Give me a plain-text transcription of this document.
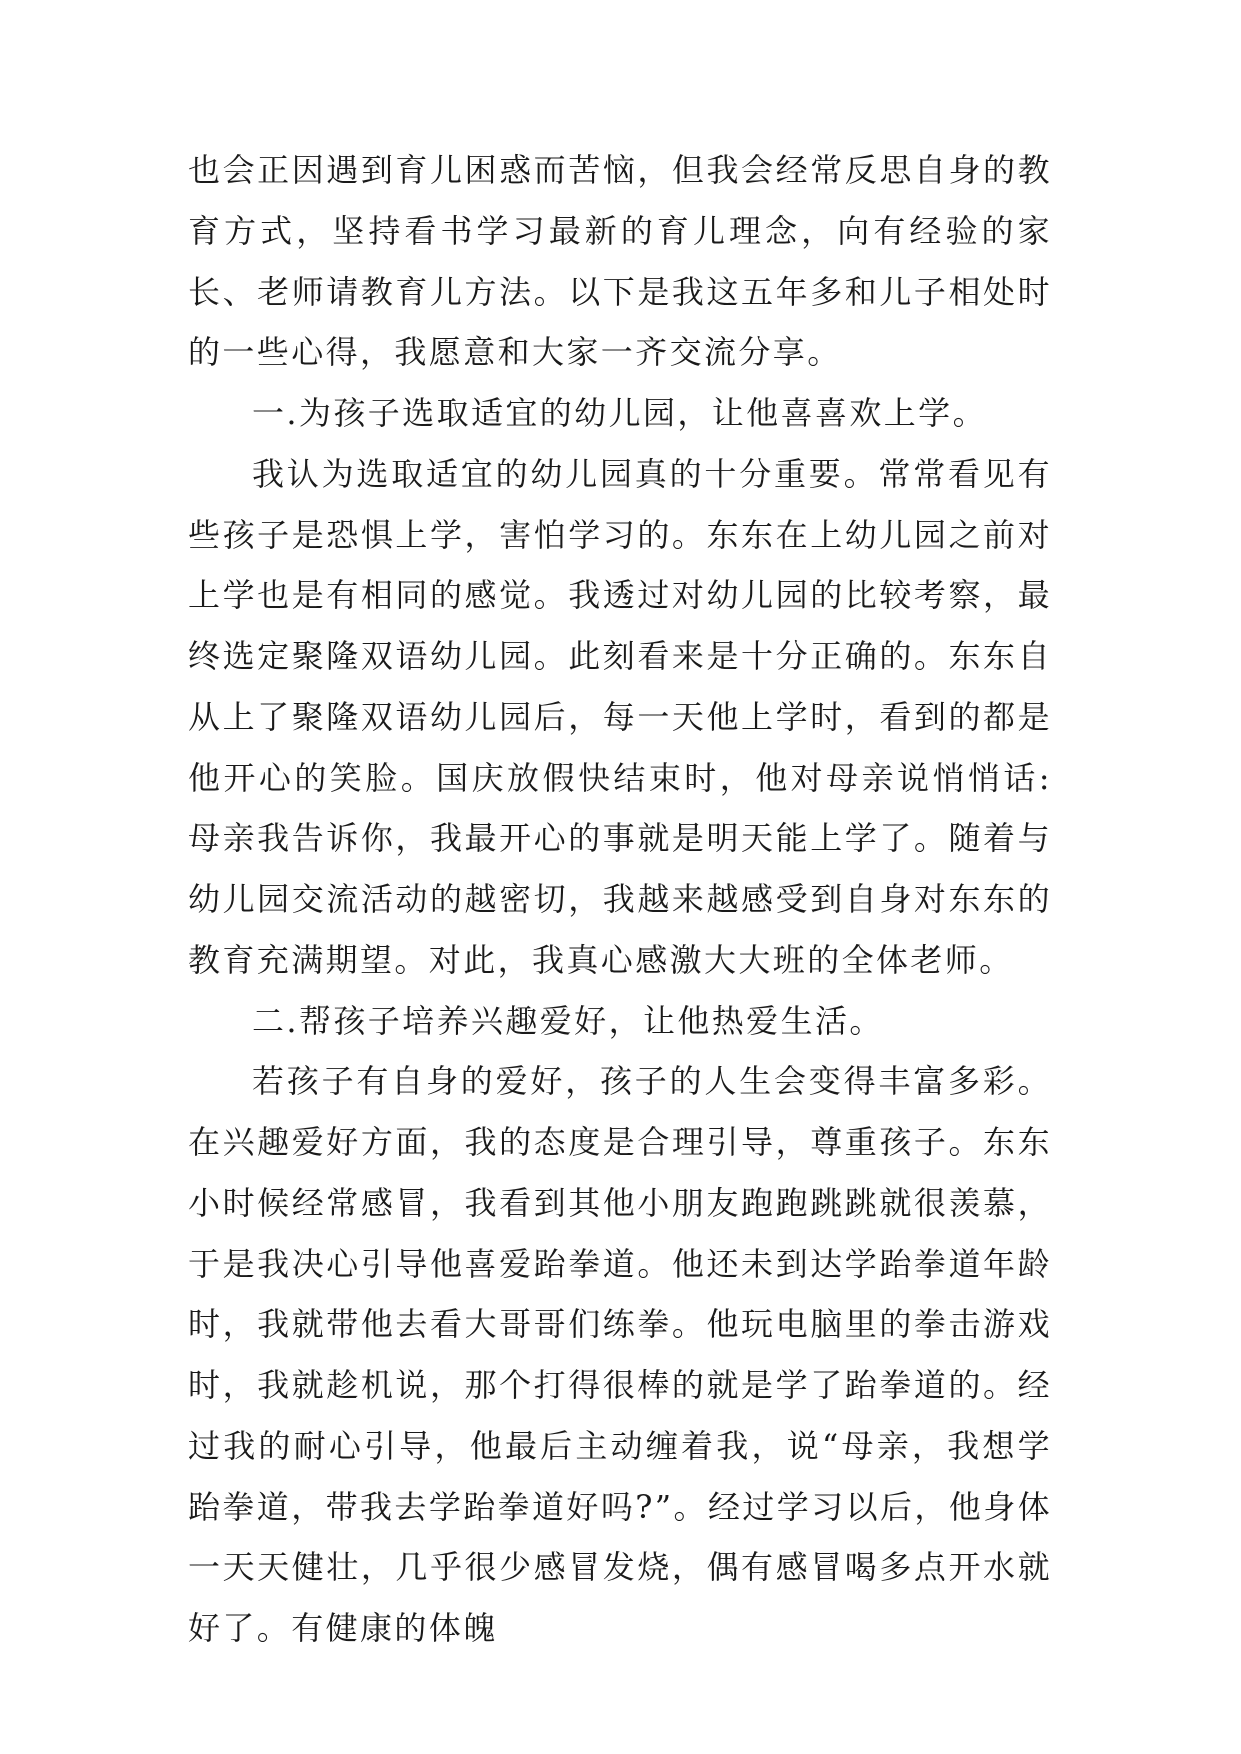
也会正因遇到育儿困惑而苦恼，但我会经常反思自身的教育方式，坚持看书学习最新的育儿理念，向有经验的家长、老师请教育儿方法。以下是我这五年多和儿子相处时的一些心得，我愿意和大家一齐交流分享。

一.为孩子选取适宜的幼儿园，让他喜喜欢上学。

我认为选取适宜的幼儿园真的十分重要。常常看见有些孩子是恐惧上学，害怕学习的。东东在上幼儿园之前对上学也是有相同的感觉。我透过对幼儿园的比较考察，最终选定聚隆双语幼儿园。此刻看来是十分正确的。东东自从上了聚隆双语幼儿园后，每一天他上学时，看到的都是他开心的笑脸。国庆放假快结束时，他对母亲说悄悄话:母亲我告诉你，我最开心的事就是明天能上学了。随着与幼儿园交流活动的越密切，我越来越感受到自身对东东的教育充满期望。对此，我真心感激大大班的全体老师。

二.帮孩子培养兴趣爱好，让他热爱生活。

若孩子有自身的爱好，孩子的人生会变得丰富多彩。在兴趣爱好方面，我的态度是合理引导，尊重孩子。东东小时候经常感冒，我看到其他小朋友跑跑跳跳就很羡慕，于是我决心引导他喜爱跆拳道。他还未到达学跆拳道年龄时，我就带他去看大哥哥们练拳。他玩电脑里的拳击游戏时，我就趁机说，那个打得很棒的就是学了跆拳道的。经过我的耐心引导，他最后主动缠着我，说“母亲，我想学跆拳道，带我去学跆拳道好吗?”。经过学习以后，他身体一天天健壮，几乎很少感冒发烧，偶有感冒喝多点开水就好了。有健康的体魄
